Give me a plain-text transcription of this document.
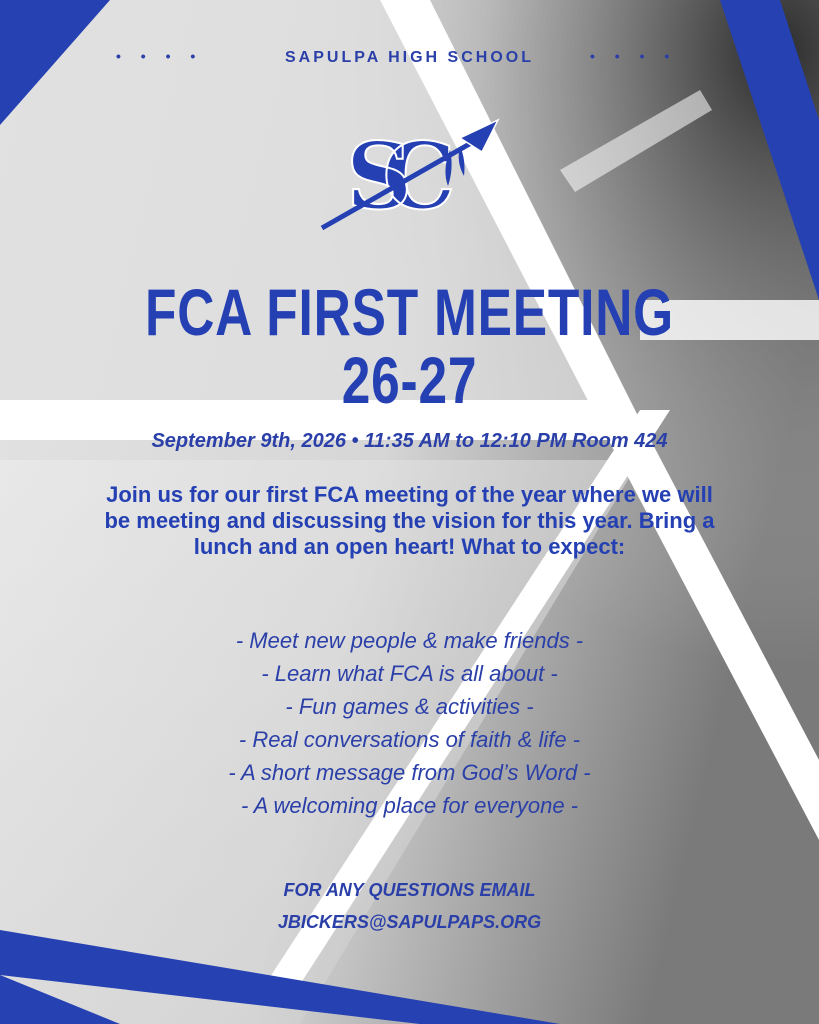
• • • •	SAPULPA HIGH SCHOOL	• • • •
SC
FCA FIRST MEETING
26-27
September 9th, 2026 • 11:35 AM to 12:10 PM Room 424
Join us for our first FCA meeting of the year where we will be meeting and discussing the vision for this year. Bring a lunch and an open heart! What to expect:
- Meet new people & make friends -
- Learn what FCA is all about -
- Fun games & activities -
- Real conversations of faith & life -
- A short message from God’s Word -
- A welcoming place for everyone -
FOR ANY QUESTIONS EMAIL
JBICKERS@SAPULPAPS.ORG
